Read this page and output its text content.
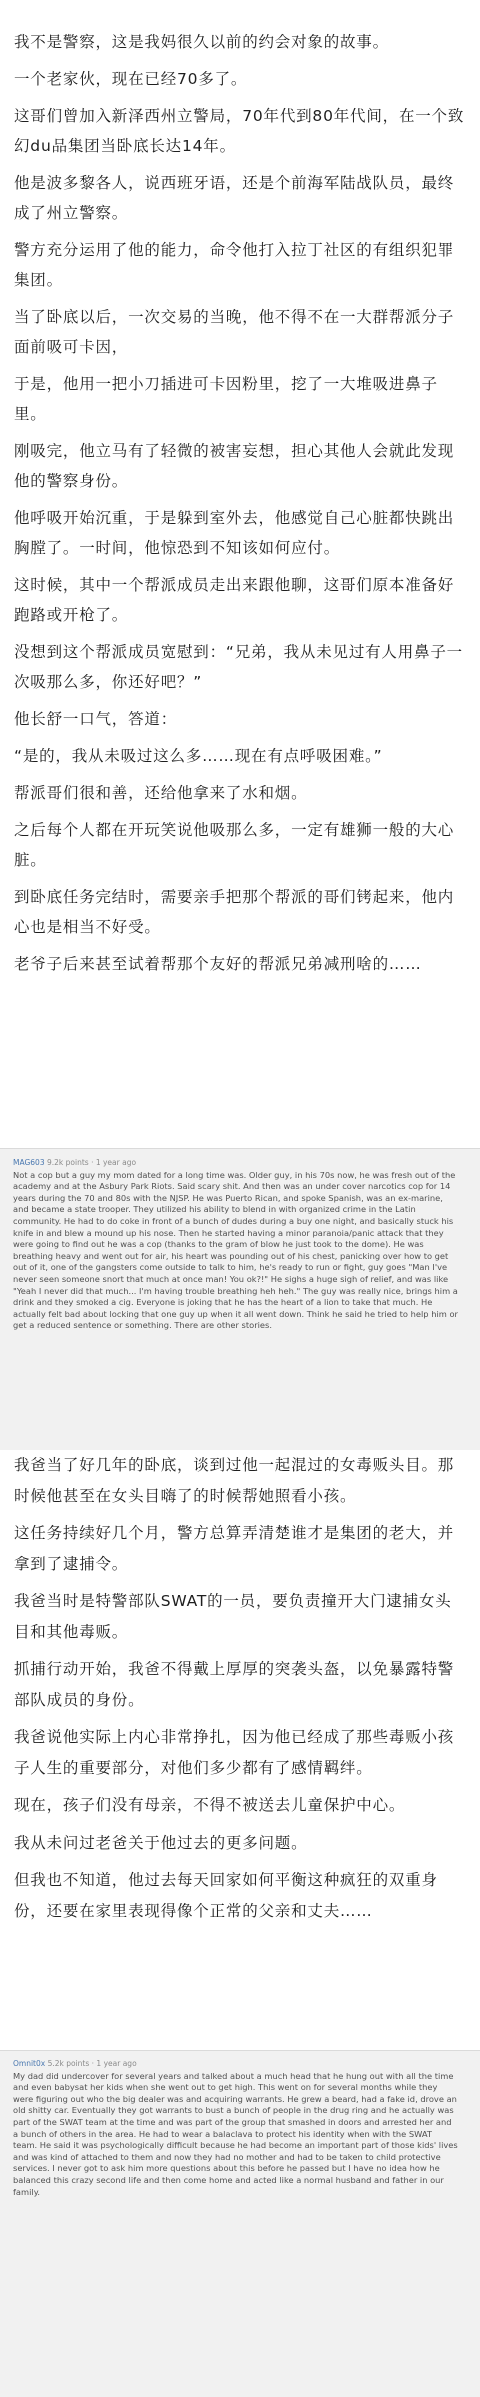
我不是警察，这是我妈很久以前的约会对象的故事。

一个老家伙，现在已经70多了。

这哥们曾加入新泽西州立警局，70年代到80年代间，在一个致幻du品集团当卧底长达14年。

他是波多黎各人，说西班牙语，还是个前海军陆战队员，最终成了州立警察。

警方充分运用了他的能力，命令他打入拉丁社区的有组织犯罪集团。

当了卧底以后，一次交易的当晚，他不得不在一大群帮派分子面前吸可卡因，

于是，他用一把小刀插进可卡因粉里，挖了一大堆吸进鼻子里。

刚吸完，他立马有了轻微的被害妄想，担心其他人会就此发现他的警察身份。

他呼吸开始沉重，于是躲到室外去，他感觉自己心脏都快跳出胸膛了。一时间，他惊恐到不知该如何应付。

这时候，其中一个帮派成员走出来跟他聊，这哥们原本准备好跑路或开枪了。

没想到这个帮派成员宽慰到：“兄弟，我从未见过有人用鼻子一次吸那么多，你还好吧？”

他长舒一口气，答道：

“是的，我从未吸过这么多……现在有点呼吸困难。”

帮派哥们很和善，还给他拿来了水和烟。

之后每个人都在开玩笑说他吸那么多，一定有雄狮一般的大心脏。

到卧底任务完结时，需要亲手把那个帮派的哥们铐起来，他内心也是相当不好受。

老爷子后来甚至试着帮那个友好的帮派兄弟减刑啥的……

MAG603 9.2k points · 1 year ago

Not a cop but a guy my mom dated for a long time was. Older guy, in his 70s now, he was fresh out of the academy and at the Asbury Park Riots. Said scary shit. And then was an under cover narcotics cop for 14 years during the 70 and 80s with the NJSP. He was Puerto Rican, and spoke Spanish, was an ex-marine, and became a state trooper. They utilized his ability to blend in with organized crime in the Latin community. He had to do coke in front of a bunch of dudes during a buy one night, and basically stuck his knife in and blew a mound up his nose. Then he started having a minor paranoia/panic attack that they were going to find out he was a cop (thanks to the gram of blow he just took to the dome). He was breathing heavy and went out for air, his heart was pounding out of his chest, panicking over how to get out of it, one of the gangsters come outside to talk to him, he's ready to run or fight, guy goes "Man I've never seen someone snort that much at once man! You ok?!" He sighs a huge sigh of relief, and was like "Yeah I never did that much... I'm having trouble breathing heh heh." The guy was really nice, brings him a drink and they smoked a cig. Everyone is joking that he has the heart of a lion to take that much. He actually felt bad about locking that one guy up when it all went down. Think he said he tried to help him or get a reduced sentence or something. There are other stories.

我爸当了好几年的卧底，谈到过他一起混过的女毒贩头目。那时候他甚至在女头目嗨了的时候帮她照看小孩。

这任务持续好几个月，警方总算弄清楚谁才是集团的老大，并拿到了逮捕令。

我爸当时是特警部队SWAT的一员，要负责撞开大门逮捕女头目和其他毒贩。

抓捕行动开始，我爸不得戴上厚厚的突袭头盔，以免暴露特警部队成员的身份。

我爸说他实际上内心非常挣扎，因为他已经成了那些毒贩小孩子人生的重要部分，对他们多少都有了感情羁绊。

现在，孩子们没有母亲，不得不被送去儿童保护中心。

我从未问过老爸关于他过去的更多问题。

但我也不知道，他过去每天回家如何平衡这种疯狂的双重身份，还要在家里表现得像个正常的父亲和丈夫……

Omnit0x 5.2k points · 1 year ago

My dad did undercover for several years and talked about a much head that he hung out with all the time and even babysat her kids when she went out to get high. This went on for several months while they were figuring out who the big dealer was and acquiring warrants. He grew a beard, had a fake id, drove an old shitty car. Eventually they got warrants to bust a bunch of people in the drug ring and he actually was part of the SWAT team at the time and was part of the group that smashed in doors and arrested her and a bunch of others in the area. He had to wear a balaclava to protect his identity when with the SWAT team. He said it was psychologically difficult because he had become an important part of those kids' lives and was kind of attached to them and now they had no mother and had to be taken to child protective services. I never got to ask him more questions about this before he passed but I have no idea how he balanced this crazy second life and then come home and acted like a normal husband and father in our family.
